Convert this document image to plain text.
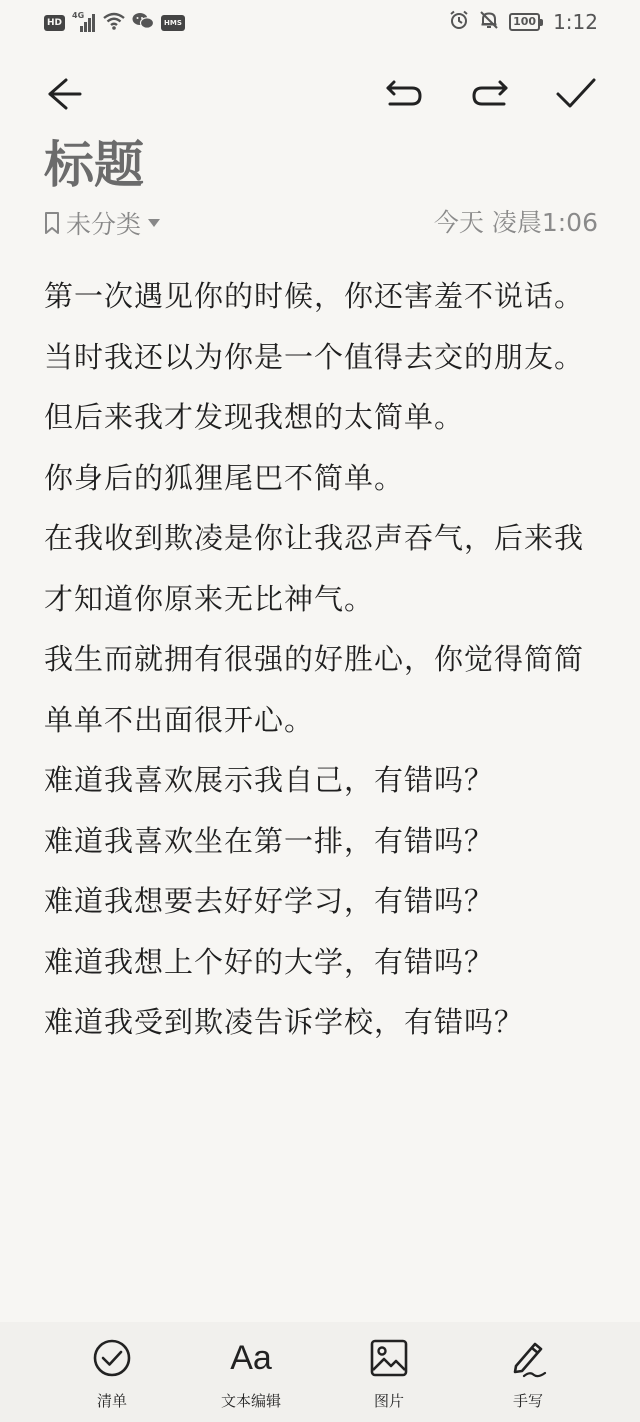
HD
4G
HMS	100 1:12
标题
未分类	今天 凌晨1:06

第一次遇见你的时候，你还害羞不说话。

当时我还以为你是一个值得去交的朋友。

但后来我才发现我想的太简单。

你身后的狐狸尾巴不简单。

在我收到欺凌是你让我忍声吞气，后来我才知道你原来无比神气。

我生而就拥有很强的好胜心，你觉得简简单单不出面很开心。

难道我喜欢展示我自己，有错吗？

难道我喜欢坐在第一排，有错吗？

难道我想要去好好学习，有错吗？

难道我想上个好的大学，有错吗？

难道我受到欺凌告诉学校，有错吗？

清单
Aa
文本编辑	图片	手写
